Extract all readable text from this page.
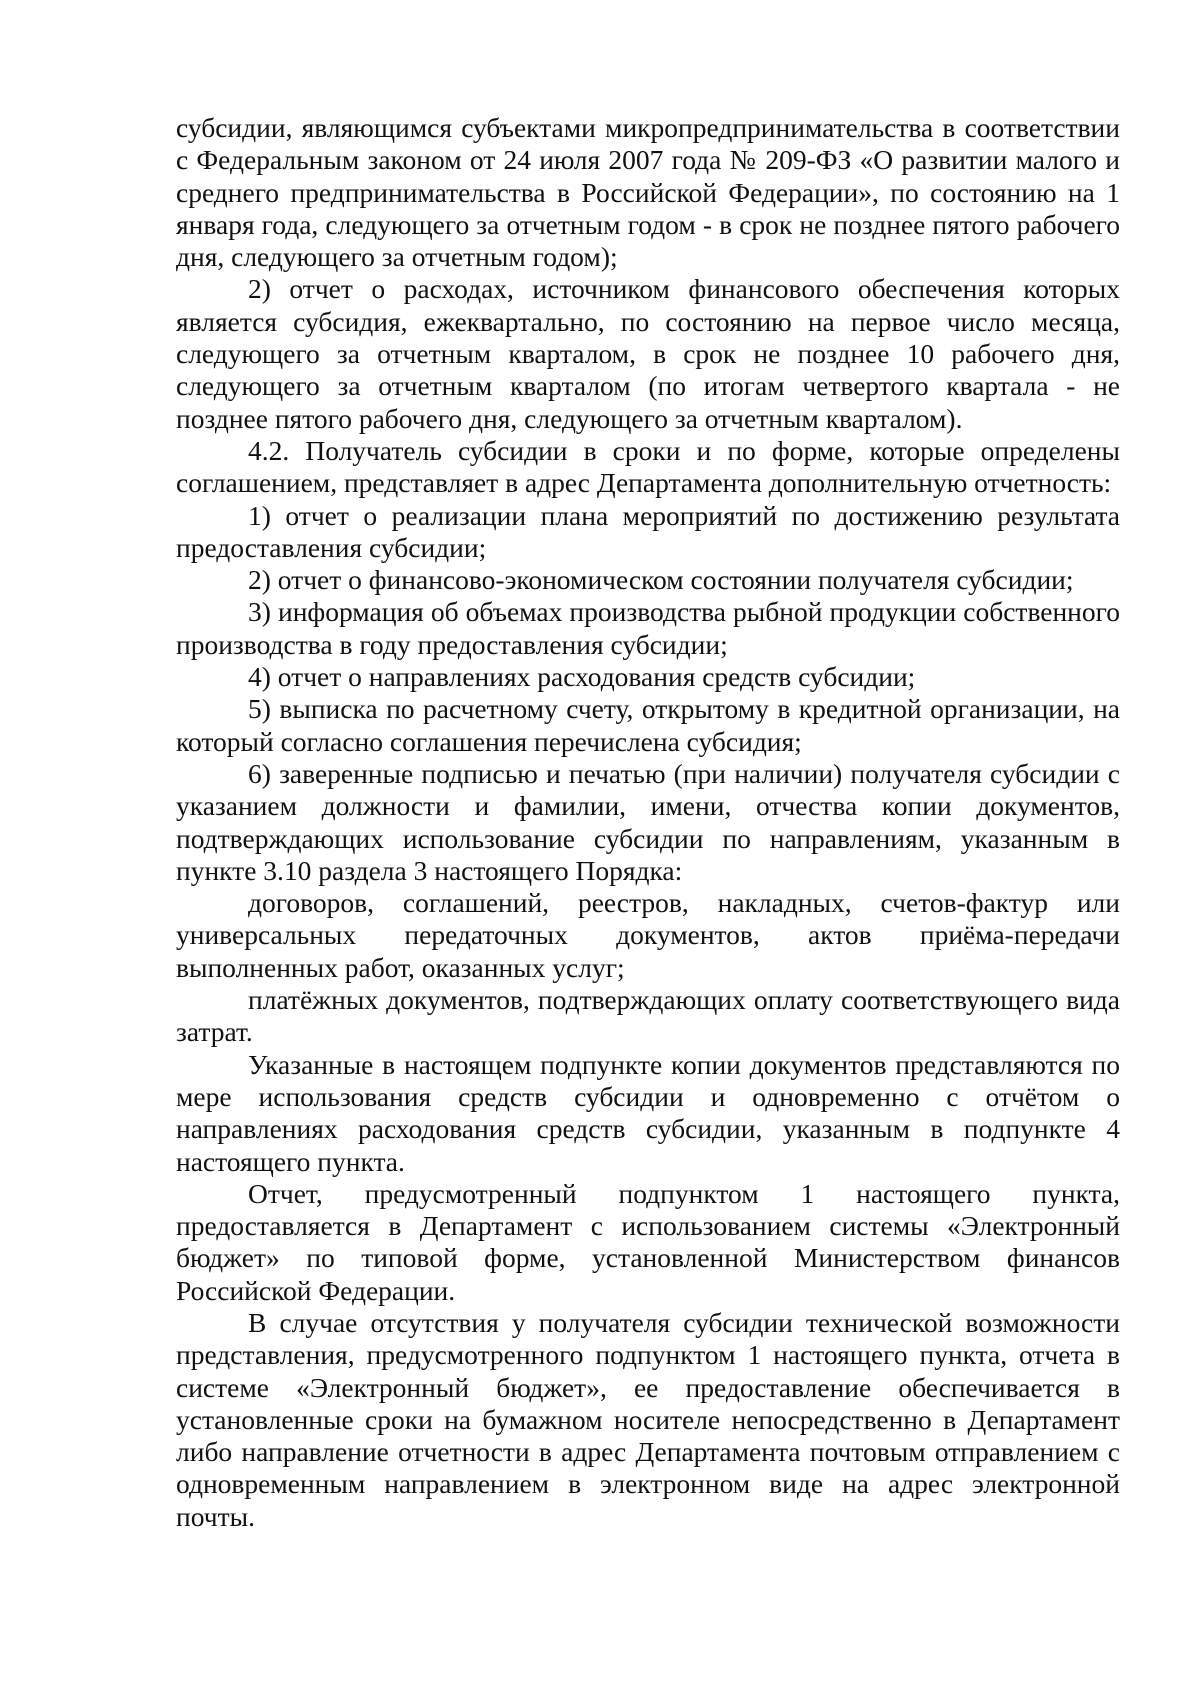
субсидии, являющимся субъектами микропредпринимательства в соответствии с Федеральным законом от 24 июля 2007 года № 209-ФЗ «О развитии малого и среднего предпринимательства в Российской Федерации», по состоянию на 1 января года, следующего за отчетным годом - в срок не позднее пятого рабочего дня, следующего за отчетным годом);

2) отчет о расходах, источником финансового обеспечения которых является субсидия, ежеквартально, по состоянию на первое число месяца, следующего за отчетным кварталом, в срок не позднее 10 рабочего дня, следующего за отчетным кварталом (по итогам четвертого квартала - не позднее пятого рабочего дня, следующего за отчетным кварталом).

4.2. Получатель субсидии в сроки и по форме, которые определены соглашением, представляет в адрес Департамента дополнительную отчетность:

1) отчет о реализации плана мероприятий по достижению результата предоставления субсидии;

2) отчет о финансово-экономическом состоянии получателя субсидии;

3) информация об объемах производства рыбной продукции собственного производства в году предоставления субсидии;

4) отчет о направлениях расходования средств субсидии;

5) выписка по расчетному счету, открытому в кредитной организации, на который согласно соглашения перечислена субсидия;

6) заверенные подписью и печатью (при наличии) получателя субсидии с указанием должности и фамилии, имени, отчества копии документов, подтверждающих использование субсидии по направлениям, указанным в пункте 3.10 раздела 3 настоящего Порядка:

договоров, соглашений, реестров, накладных, счетов-фактур или универсальных передаточных документов, актов приёма-передачи выполненных работ, оказанных услуг;

платёжных документов, подтверждающих оплату соответствующего вида затрат.

Указанные в настоящем подпункте копии документов представляются по мере использования средств субсидии и одновременно с отчётом о направлениях расходования средств субсидии, указанным в подпункте 4 настоящего пункта.

Отчет, предусмотренный подпунктом 1 настоящего пункта, предоставляется в Департамент с использованием системы «Электронный бюджет» по типовой форме, установленной Министерством финансов Российской Федерации.

В случае отсутствия у получателя субсидии технической возможности представления, предусмотренного подпунктом 1 настоящего пункта, отчета в системе «Электронный бюджет», ее предоставление обеспечивается в установленные сроки на бумажном носителе непосредственно в Департамент либо направление отчетности в адрес Департамента почтовым отправлением с одновременным направлением в электронном виде на адрес электронной почты.
